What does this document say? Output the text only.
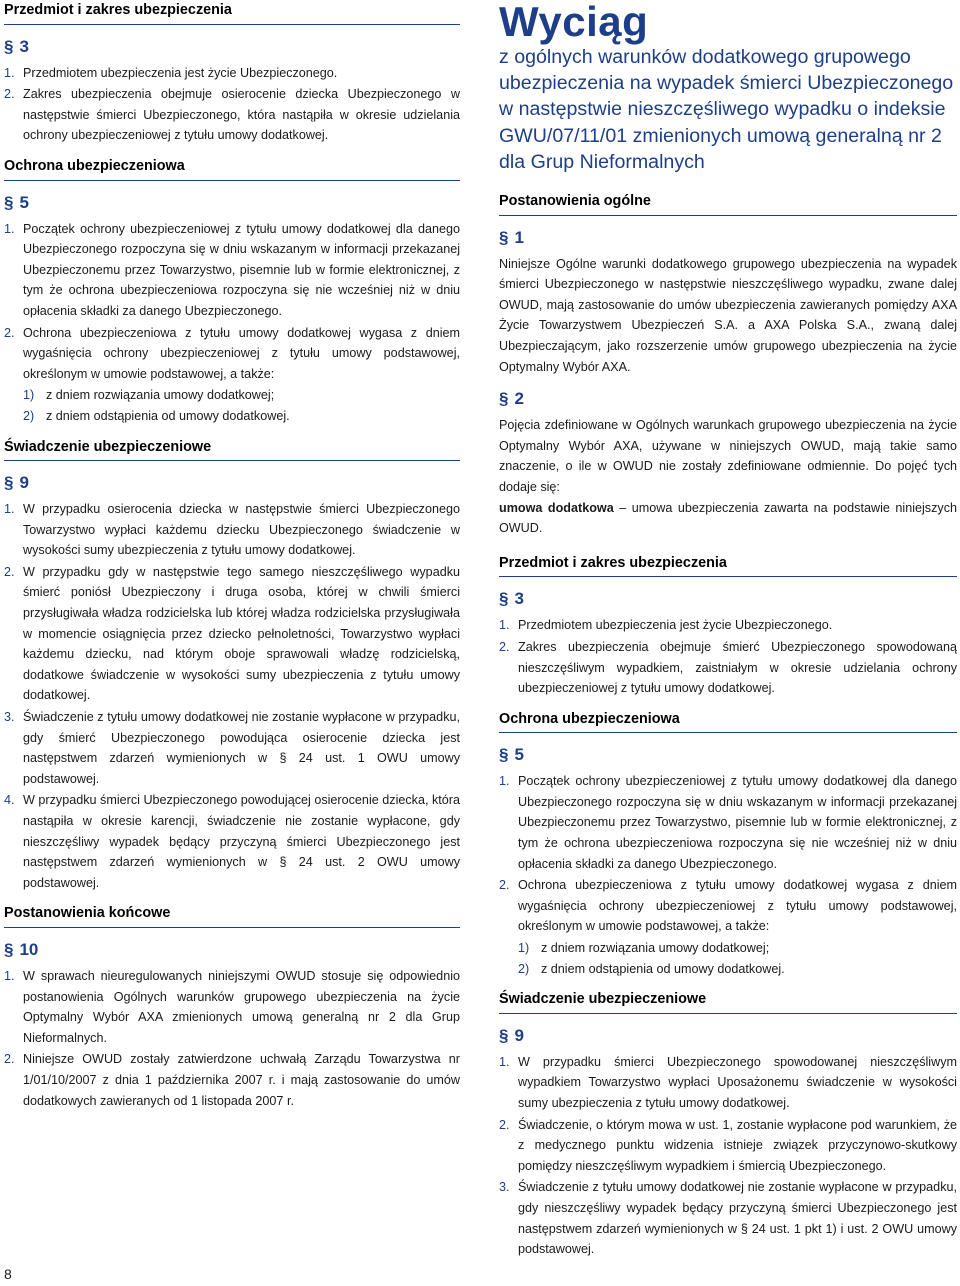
Przedmiot i zakres ubezpieczenia
§ 3

1. Przedmiotem ubezpieczenia jest życie Ubezpieczonego.

2. Zakres ubezpieczenia obejmuje osierocenie dziecka Ubezpieczonego w następstwie śmierci Ubezpieczonego, która nastąpiła w okresie udzielania ochrony ubezpieczeniowej z tytułu umowy dodatkowej.

Ochrona ubezpieczeniowa
§ 5

1. Początek ochrony ubezpieczeniowej z tytułu umowy dodatkowej dla danego Ubezpieczonego rozpoczyna się w dniu wskazanym w informacji przekazanej Ubezpieczonemu przez Towarzystwo, pisemnie lub w formie elektronicznej, z tym że ochrona ubezpieczeniowa rozpoczyna się nie wcześniej niż w dniu opłacenia składki za danego Ubezpieczonego.

2. Ochrona ubezpieczeniowa z tytułu umowy dodatkowej wygasa z dniem wygaśnięcia ochrony ubezpieczeniowej z tytułu umowy podstawowej, określonym w umowie podstawowej, a także:

1) z dniem rozwiązania umowy dodatkowej;

2) z dniem odstąpienia od umowy dodatkowej.

Świadczenie ubezpieczeniowe
§ 9

1. W przypadku osierocenia dziecka w następstwie śmierci Ubezpieczonego Towarzystwo wypłaci każdemu dziecku Ubezpieczonego świadczenie w wysokości sumy ubezpieczenia z tytułu umowy dodatkowej.

2. W przypadku gdy w następstwie tego samego nieszczęśliwego wypadku śmierć poniósł Ubezpieczony i druga osoba, której w chwili śmierci przysługiwała władza rodzicielska lub której władza rodzicielska przysługiwała w momencie osiągnięcia przez dziecko pełnoletności, Towarzystwo wypłaci każdemu dziecku, nad którym oboje sprawowali władzę rodzicielską, dodatkowe świadczenie w wysokości sumy ubezpieczenia z tytułu umowy dodatkowej.

3. Świadczenie z tytułu umowy dodatkowej nie zostanie wypłacone w przypadku, gdy śmierć Ubezpieczonego powodująca osierocenie dziecka jest następstwem zdarzeń wymienionych w § 24 ust. 1 OWU umowy podstawowej.

4. W przypadku śmierci Ubezpieczonego powodującej osierocenie dziecka, która nastąpiła w okresie karencji, świadczenie nie zostanie wypłacone, gdy nieszczęśliwy wypadek będący przyczyną śmierci Ubezpieczonego jest następstwem zdarzeń wymienionych w § 24 ust. 2 OWU umowy podstawowej.

Postanowienia końcowe
§ 10

1. W sprawach nieuregulowanych niniejszymi OWUD stosuje się odpowiednio postanowienia Ogólnych warunków grupowego ubezpieczenia na życie Optymalny Wybór AXA zmienionych umową generalną nr 2 dla Grup Nieformalnych.

2. Niniejsze OWUD zostały zatwierdzone uchwałą Zarządu Towarzystwa nr 1/01/10/2007 z dnia 1 października 2007 r. i mają zastosowanie do umów dodatkowych zawieranych od 1 listopada 2007 r.

Wyciąg

z ogólnych warunków dodatkowego grupowego ubezpieczenia na wypadek śmierci Ubezpieczonego w następstwie nieszczęśliwego wypadku o indeksie GWU/07/11/01 zmienionych umową generalną nr 2 dla Grup Nieformalnych

Postanowienia ogólne
§ 1

Niniejsze Ogólne warunki dodatkowego grupowego ubezpieczenia na wypadek śmierci Ubezpieczonego w następstwie nieszczęśliwego wypadku, zwane dalej OWUD, mają zastosowanie do umów ubezpieczenia zawieranych pomiędzy AXA Życie Towarzystwem Ubezpieczeń S.A. a AXA Polska S.A., zwaną dalej Ubezpieczającym, jako rozszerzenie umów grupowego ubezpieczenia na życie Optymalny Wybór AXA.

§ 2

Pojęcia zdefiniowane w Ogólnych warunkach grupowego ubezpieczenia na życie Optymalny Wybór AXA, używane w niniejszych OWUD, mają takie samo znaczenie, o ile w OWUD nie zostały zdefiniowane odmiennie. Do pojęć tych dodaje się:

umowa dodatkowa – umowa ubezpieczenia zawarta na podstawie niniejszych OWUD.

Przedmiot i zakres ubezpieczenia
§ 3

1. Przedmiotem ubezpieczenia jest życie Ubezpieczonego.

2. Zakres ubezpieczenia obejmuje śmierć Ubezpieczonego spowodowaną nieszczęśliwym wypadkiem, zaistniałym w okresie udzielania ochrony ubezpieczeniowej z tytułu umowy dodatkowej.

Ochrona ubezpieczeniowa
§ 5

1. Początek ochrony ubezpieczeniowej z tytułu umowy dodatkowej dla danego Ubezpieczonego rozpoczyna się w dniu wskazanym w informacji przekazanej Ubezpieczonemu przez Towarzystwo, pisemnie lub w formie elektronicznej, z tym że ochrona ubezpieczeniowa rozpoczyna się nie wcześniej niż w dniu opłacenia składki za danego Ubezpieczonego.

2. Ochrona ubezpieczeniowa z tytułu umowy dodatkowej wygasa z dniem wygaśnięcia ochrony ubezpieczeniowej z tytułu umowy podstawowej, określonym w umowie podstawowej, a także:

1) z dniem rozwiązania umowy dodatkowej;

2) z dniem odstąpienia od umowy dodatkowej.

Świadczenie ubezpieczeniowe
§ 9

1. W przypadku śmierci Ubezpieczonego spowodowanej nieszczęśliwym wypadkiem Towarzystwo wypłaci Uposażonemu świadczenie w wysokości sumy ubezpieczenia z tytułu umowy dodatkowej.

2. Świadczenie, o którym mowa w ust. 1, zostanie wypłacone pod warunkiem, że z medycznego punktu widzenia istnieje związek przyczynowo-skutkowy pomiędzy nieszczęśliwym wypadkiem i śmiercią Ubezpieczonego.

3. Świadczenie z tytułu umowy dodatkowej nie zostanie wypłacone w przypadku, gdy nieszczęśliwy wypadek będący przyczyną śmierci Ubezpieczonego jest następstwem zdarzeń wymienionych w § 24 ust. 1 pkt 1) i ust. 2 OWU umowy podstawowej.

8
